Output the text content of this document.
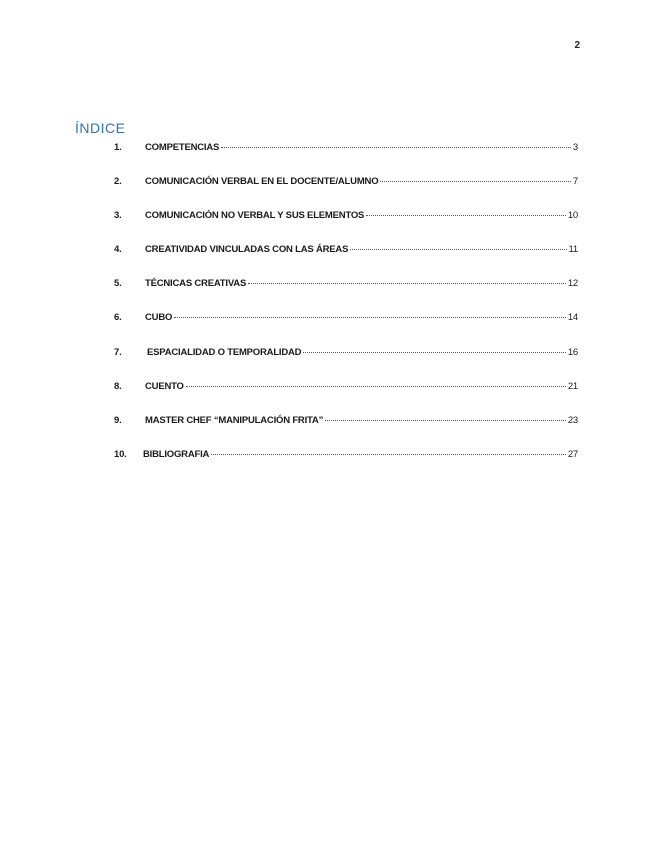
2
ÍNDICE
1.	COMPETENCIAS	3
2.	COMUNICACIÓN VERBAL EN EL DOCENTE/ALUMNO	7
3.	COMUNICACIÓN NO VERBAL Y SUS ELEMENTOS	10
4.	CREATIVIDAD VINCULADAS CON LAS ÁREAS	11
5.	TÉCNICAS CREATIVAS	12
6.	CUBO	14
7.	ESPACIALIDAD O TEMPORALIDAD	16
8.	CUENTO	21
9.	MASTER CHEF “MANIPULACIÓN FRITA”	23
10.	BIBLIOGRAFIA	27
